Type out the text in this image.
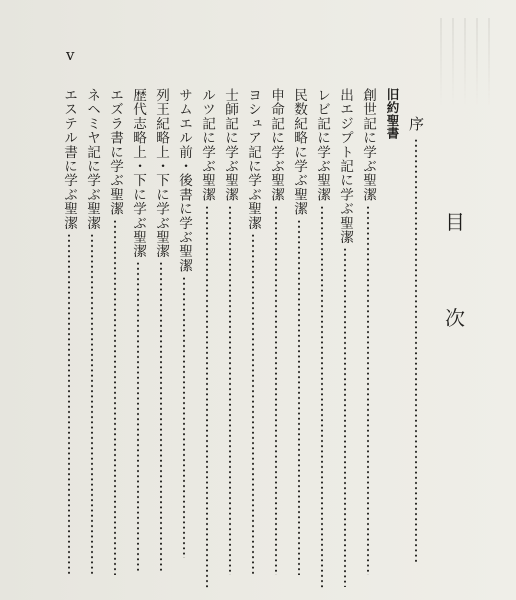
v
目
次
序
旧約聖書
創世記に学ぶ聖潔
出エジプト記に学ぶ聖潔
レビ記に学ぶ聖潔
民数紀略に学ぶ聖潔
申命記に学ぶ聖潔
ヨシュア記に学ぶ聖潔
士師記に学ぶ聖潔
ルツ記に学ぶ聖潔
サムエル前・後書に学ぶ聖潔
列王紀略上・下に学ぶ聖潔
歴代志略上・下に学ぶ聖潔
エズラ書に学ぶ聖潔
ネヘミヤ記に学ぶ聖潔
エステル書に学ぶ聖潔
